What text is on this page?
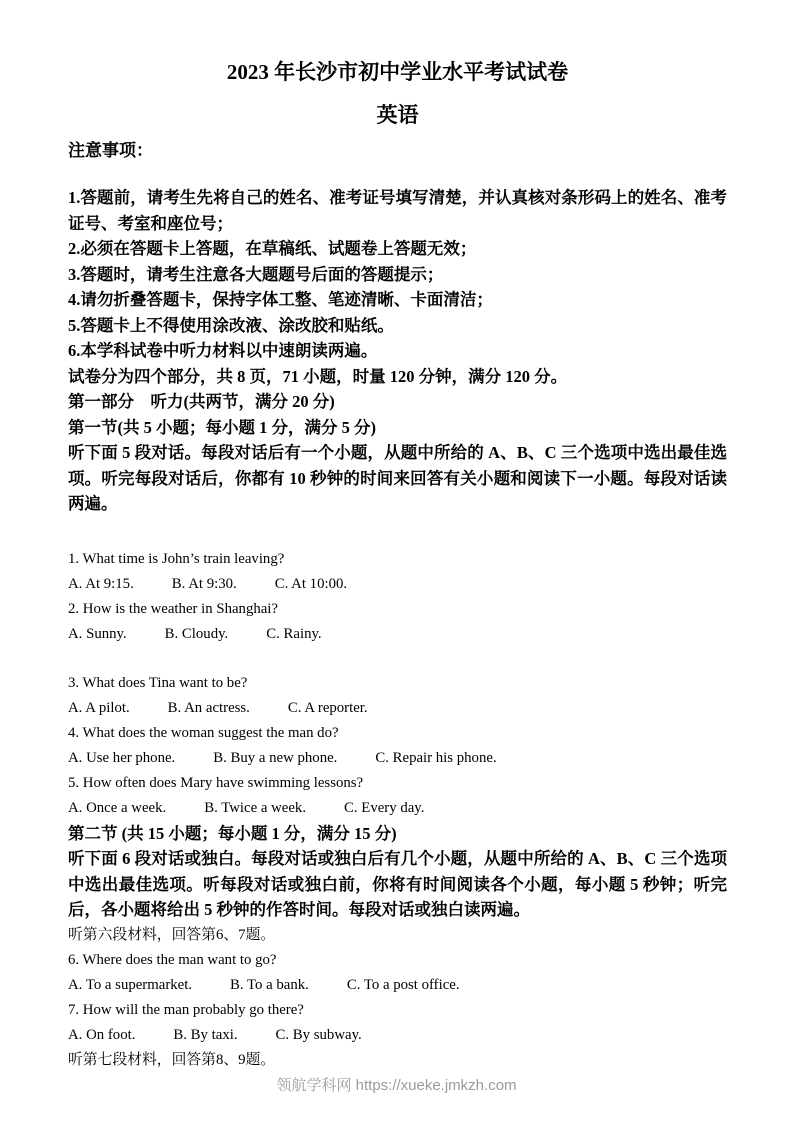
2023 年长沙市初中学业水平考试试卷
英语
注意事项：
1.答题前，请考生先将自己的姓名、准考证号填写清楚，并认真核对条形码上的姓名、准考证号、考室和座位号；
2.必须在答题卡上答题，在草稿纸、试题卷上答题无效；
3.答题时，请考生注意各大题题号后面的答题提示；
4.请勿折叠答题卡，保持字体工整、笔迹清晰、卡面清洁；
5.答题卡上不得使用涂改液、涂改胶和贴纸。
6.本学科试卷中听力材料以中速朗读两遍。
试卷分为四个部分，共 8 页，71 小题，时量 120 分钟，满分 120 分。
第一部分　听力(共两节，满分 20 分)
第一节(共 5 小题；每小题 1 分，满分 5 分)
听下面 5 段对话。每段对话后有一个小题，从题中所给的 A、B、C 三个选项中选出最佳选项。听完每段对话后，你都有 10 秒钟的时间来回答有关小题和阅读下一小题。每段对话读两遍。
1. What time is John’s train leaving?
A. At 9:15.	B. At 9:30.	C. At 10:00.
2. How is the weather in Shanghai?
A. Sunny.	B. Cloudy.	C. Rainy.
3. What does Tina want to be?
A. A pilot.	B. An actress.	C. A reporter.
4. What does the woman suggest the man do?
A. Use her phone.	B. Buy a new phone.	C. Repair his phone.
5. How often does Mary have swimming lessons?
A. Once a week.	B. Twice a week.	C. Every day.
第二节 (共 15 小题；每小题 1 分，满分 15 分)
听下面 6 段对话或独白。每段对话或独白后有几个小题，从题中所给的 A、B、C 三个选项中选出最佳选项。听每段对话或独白前，你将有时间阅读各个小题，每小题 5 秒钟；听完后，各小题将给出 5 秒钟的作答时间。每段对话或独白读两遍。
听第六段材料，回答第6、7题。
6. Where does the man want to go?
A. To a supermarket.	B. To a bank.	C. To a post office.
7. How will the man probably go there?
A. On foot.	B. By taxi.	C. By subway.
听第七段材料，回答第8、9题。
领航学科网 https://xueke.jmkzh.com
